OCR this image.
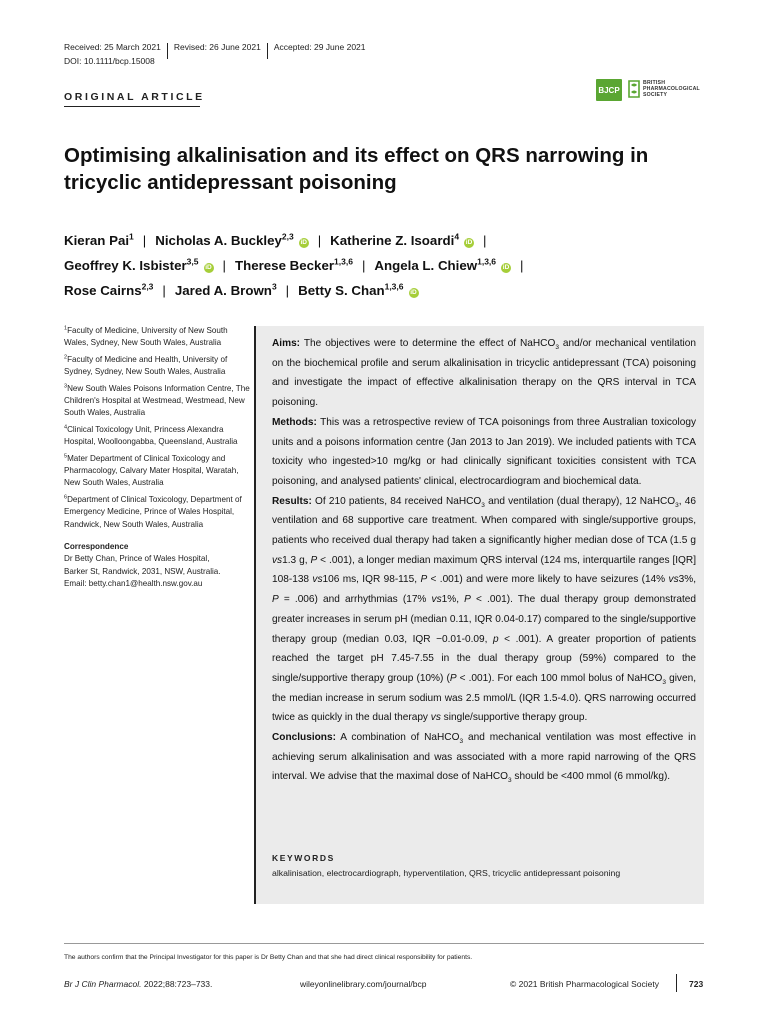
Received: 25 March 2021 Revised: 26 June 2021 Accepted: 29 June 2021
DOI: 10.1111/bcp.15008
ORIGINAL ARTICLE
BJCP
BRITISH
PHARMACOLOGICAL
SOCIETY
Optimising alkalinisation and its effect on QRS narrowing in tricyclic antidepressant poisoning
Kieran Pai$^1$ | Nicholas A. Buckley$^{2,3}$iD | Katherine Z. Isoardi$^4$iD |
Geoffrey K. Isbister$^{3,5}$iD | Therese Becker$^{1,3,6}$ | Angela L. Chiew$^{1,3,6}$iD |
Rose Cairns$^{2,3}$ | Jared A. Brown$^3$ | Betty S. Chan$^{1,3,6}$iD

$^1$Faculty of Medicine, University of New South Wales, Sydney, New South Wales, Australia

$^2$Faculty of Medicine and Health, University of Sydney, Sydney, New South Wales, Australia

$^3$New South Wales Poisons Information Centre, The Children's Hospital at Westmead, Westmead, New South Wales, Australia

$^4$Clinical Toxicology Unit, Princess Alexandra Hospital, Woolloongabba, Queensland, Australia

$^5$Mater Department of Clinical Toxicology and Pharmacology, Calvary Mater Hospital, Waratah, New South Wales, Australia

$^6$Department of Clinical Toxicology, Department of Emergency Medicine, Prince of Wales Hospital, Randwick, New South Wales, Australia

Correspondence

Dr Betty Chan, Prince of Wales Hospital,
Barker St, Randwick, 2031, NSW, Australia.
Email: betty.chan1@health.nsw.gov.au

Aims: The objectives were to determine the effect of NaHCO$_3$ and/or mechanical ventilation on the biochemical profile and serum alkalinisation in tricyclic antidepressant (TCA) poisoning and investigate the impact of effective alkalinisation therapy on the QRS interval in TCA poisoning.

Methods: This was a retrospective review of TCA poisonings from three Australian toxicology units and a poisons information centre (Jan 2013 to Jan 2019). We included patients with TCA toxicity who ingested>10 mg/kg or had clinically significant toxicities consistent with TCA poisoning, and analysed patients' clinical, electrocardiogram and biochemical data.

Results: Of 210 patients, 84 received NaHCO$_3$ and ventilation (dual therapy), 12 NaHCO$_3$, 46 ventilation and 68 supportive care treatment. When compared with single/supportive groups, patients who received dual therapy had taken a significantly higher median dose of TCA (1.5 g vs1.3 g, P < .001), a longer median maximum QRS interval (124 ms, interquartile ranges [IQR] 108-138 vs106 ms, IQR 98-115, P < .001) and were more likely to have seizures (14% vs3%, P = .006) and arrhythmias (17% vs1%, P < .001). The dual therapy group demonstrated greater increases in serum pH (median 0.11, IQR 0.04-0.17) compared to the single/supportive therapy group (median 0.03, IQR −0.01-0.09, p < .001). A greater proportion of patients reached the target pH 7.45-7.55 in the dual therapy group (59%) compared to the single/supportive therapy group (10%) (P < .001). For each 100 mmol bolus of NaHCO$_3$ given, the median increase in serum sodium was 2.5 mmol/L (IQR 1.5-4.0). QRS narrowing occurred twice as quickly in the dual therapy vs single/supportive therapy group.

Conclusions: A combination of NaHCO$_3$ and mechanical ventilation was most effective in achieving serum alkalinisation and was associated with a more rapid narrowing of the QRS interval. We advise that the maximal dose of NaHCO$_3$ should be <400 mmol (6 mmol/kg).

KEYWORDS
alkalinisation, electrocardiograph, hyperventilation, QRS, tricyclic antidepressant poisoning
The authors confirm that the Principal Investigator for this paper is Dr Betty Chan and that she had direct clinical responsibility for patients.
Br J Clin Pharmacol. 2022;88:723–733.	wileyonlinelibrary.com/journal/bcp	© 2021 British Pharmacological Society	723
